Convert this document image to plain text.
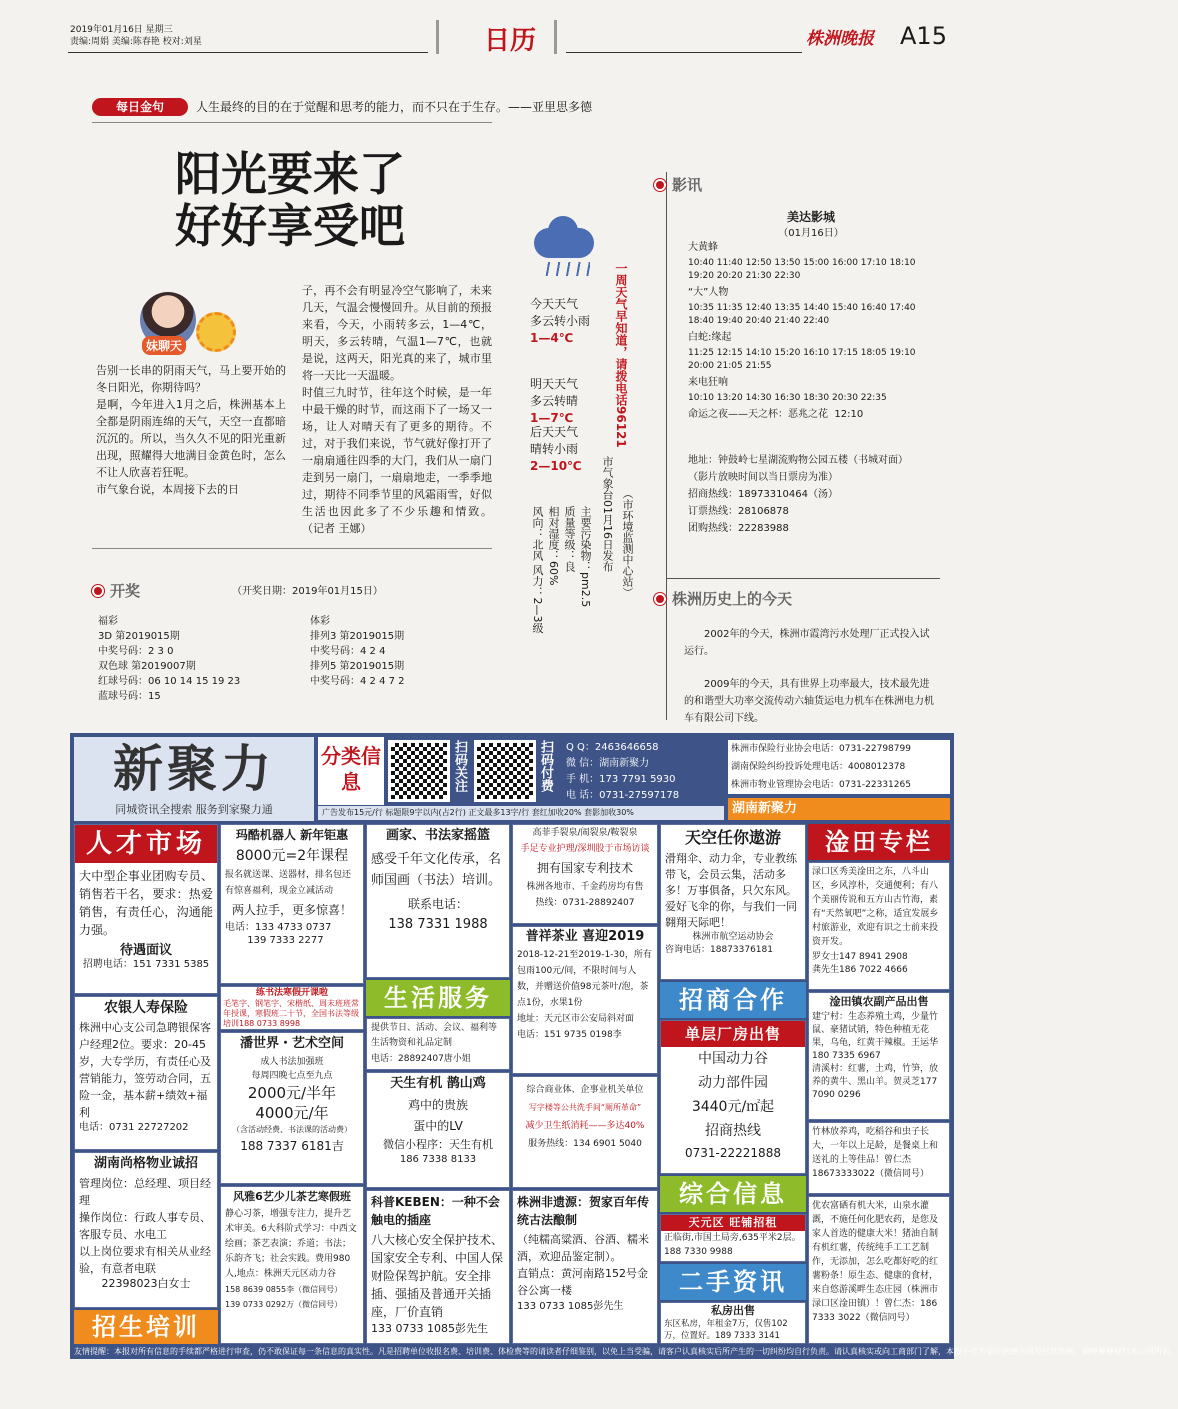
2019年01月16日 星期三
责编:周娟 美编:陈春艳 校对:刘星	日历	株洲晚报 A15
每日金句	人生最终的目的在于觉醒和思考的能力，而不只在于生存。——亚里思多德
阳光要来了
好好享受吧
妹聊天
告别一长串的阴雨天气，马上要开始的冬日阳光，你期待吗？
是啊，今年进入1月之后，株洲基本上全都是阴雨连绵的天气，天空一直都暗沉沉的。所以，当久久不见的阳光重新出现，照耀得大地满目金黄色时，怎么不让人欣喜若狂呢。
市气象台说，本周接下去的日
子，再不会有明显冷空气影响了，未来几天，气温会慢慢回升。从目前的预报来看，今天，小雨转多云，1—4℃，明天，多云转晴，气温1—7℃，也就是说，这两天，阳光真的来了，城市里将一天比一天温暖。
时值三九时节，往年这个时候，是一年中最干燥的时节，而这雨下了一场又一场，让人对晴天有了更多的期待。不过，对于我们来说，节气就好像打开了一扇扇通往四季的大门，我们从一扇门走到另一扇门，一扇扇地走，一季季地过，期待不同季节里的风霜雨雪，好似生活也因此多了不少乐趣和情致。        （记者 王娜）
今天天气
多云转小雨
1—4℃
明天天气
多云转晴
1—7℃
后天天气
晴转小雨
2—10℃
一周天气早知道，请拨电话96121
市气象台01月16日发布 （市环境监测中心站）
主要污染物：pm2.5
质量等级：良
相对湿度：60%
风向：北风 风力：2—3级
影讯
美达影城
（01月16日）
大黄蜂
10:40 11:40 12:50 13:50 15:00 16:00 17:10 18:10 19:20 20:20 21:30 22:30
“大”人物
10:35 11:35 12:40 13:35 14:40 15:40 16:40 17:40 18:40 19:40 20:40 21:40 22:40
白蛇:缘起
11:25 12:15 14:10 15:20 16:10 17:15 18:05 19:10 20:00 21:05 21:55
来电狂响
10:10 13:20 14:30 16:30 18:30 20:30 22:35
命运之夜——天之杯：恶兆之花 12:10
地址：钟鼓岭七星湖流购物公园五楼（书城对面）
（影片放映时间以当日票房为准）
招商热线：18973310464（汤）
订票热线：28106878
团购热线：22283988
株洲历史上的今天
2002年的今天，株洲市霞湾污水处理厂正式投入试运行。
2009年的今天，具有世界上功率最大，技术最先进的和谐型大功率交流传动六轴货运电力机车在株洲电力机车有限公司下线。
开奖	（开奖日期：2019年01月15日）
福彩
3D 第2019015期
中奖号码：2 3 0
双色球 第2019007期
红球号码：06 10 14 15 19 23
蓝球号码：15
体彩
排列3 第2019015期
中奖号码：4 2 4
排列5 第2019015期
中奖号码：4 2 4 7 2
新聚力
同城资讯全搜索 服务到家聚力通
分类信息	扫码关注	扫码付费 Q Q：2463646658
微 信：湖南新聚力
手 机：173 7791 5930
电 话：0731-27597178
广告发布15元/行 标题限9字以内(占2行) 正文最多13字/行 套红加收20% 套影加收30%
株洲市保险行业协会电话：0731-22798799
湖南保险纠纷投诉处理电话：4008012378
株洲市物业管理协会电话：0731-22331265
湖南新聚力
人才市场
大中型企事业团购专员、销售若干名，要求：热爱销售，有责任心，沟通能力强。
待遇面议
招聘电话：151 7331 5385
农银人寿保险
株洲中心支公司急聘银保客户经理2位。要求：20-45岁，大专学历，有责任心及营销能力，签劳动合同，五险一金，基本薪+绩效+福利
电话：0731 22727202
湖南尚格物业诚招
管理岗位：总经理、项目经理
操作岗位：行政人事专员、客服专员、水电工
以上岗位要求有相关从业经验，有意者电联
22398023白女士
招生培训
玛酷机器人 新年钜惠
8000元=2年课程
报名就送课、送器材，排名包还有惊喜福利，现金立减活动
两人拉手，更多惊喜！
电话：133 4733 0737
139 7333 2277
练书法寒假开课啦
毛笔字、钢笔字、宋楷纸、周末班班常年授课，寒假班二十节，全国书法等级培训188 0733 8998
潘世界・艺术空间
成人书法加强班
每周四晚七点至九点
2000元/半年
4000元/年
（含活动经费、书法课的活动费）
188 7337 6181吉
风雅6艺少儿茶艺寒假班
静心习茶，增强专注力，提升艺术审美。6大科阶式学习：中西文绘画；茶艺表演；乔道；书法；乐韵齐飞；社会实践。费用980人,地点：株洲天元区动力谷
158 8639 0855李（微信同号）
139 0733 0292万（微信同号）
画家、书法家摇篮
感受千年文化传承，名师国画（书法）培训。
联系电话：
138 7331 1988
生活服务
提供节日、活动、会议、福利等生活物资和礼品定制
电话：28892407唐小姐
天生有机 鹊山鸡
鸡中的贵族
蛋中的LV
微信小程序：天生有机
186 7338 8133
科普KEBEN：一种不会触电的插座
八大核心安全保护技术、国家安全专利、中国人保财险保驾护航。安全排插、强插及普通开关插座，厂价直销
133 0733 1085彭先生
高菲手裂泉/闹裂泉/鞍裂泉
手足专业护理/深圳股于市场访谈
拥有国家专利技术
株洲各地市、千金药房均有售
热线：0731-28892407
普祥茶业 喜迎2019
2018-12-21至2019-1-30，所有包雨100元/间，不限时间与人数，并赠送价值98元茶叶/泡，茶点1份，水果1份
地址：天元区市公安局斜对面
电话：151 9735 0198李
综合商业体、企事业机关单位
写字楼等公共洗手间“厕所革命”
减少卫生纸消耗——多达40%
服务热线：134 6901 5040
株洲非遗源：贺家百年传统古法酿制
（纯糯高粱酒、谷酒、糯米酒，欢迎品鉴定制）。
直销点：黄河南路152号金谷公寓一楼
133 0733 1085彭先生
天空任你遨游
滑翔伞、动力伞，专业教练带飞，会员云集，活动多多！万事俱备，只欠东风。爱好飞伞的你，与我们一同翱翔天际吧！
株洲市航空运动协会
咨询电话：18873376181
招商合作
单层厂房出售
中国动力谷
动力部件园
3440元/㎡起
招商热线
0731-22221888
综合信息
天元区 旺铺招租
正临街,市国土局旁,635平米2层。188 7330 9988
二手资讯
私房出售
东区私房，年租金7万，仅售102万，位置好。189 7333 3141
淦田专栏
渌口区秀美淦田之东，八斗山区，乡风淳朴，交通便利；有八个美丽传说和五方山古竹海，素有“天然氧吧”之称，适宜发展乡村旅游业，欢迎有识之士前来投资开发。
罗女士147 8941 2908
龚先生186 7022 4666
淦田镇农副产品出售
建宁村：生态养殖土鸡，少量竹鼠、豪猪试销，特色种植无花果，乌龟，红黄干辣椒。王运华180 7335 6967
清溪村：红薯，土鸡，竹笋，放养的黄牛、黑山羊。贺灵芝177 7090 0296
竹林放养鸡，吃稻谷和虫子长大，一年以上足龄，是餐桌上和送礼的上等佳品！曾仁杰18673333022（微信同号）
优农富硒有机大米，山泉水灌溉，不施任何化肥农药，是您及家人首选的健康大米！猪油自制有机红薯，传统纯手工工艺制作，无添加，怎么吃都好吃的红薯粉条！原生态、健康的食材，来自悠游溪畔生态庄园（株洲市渌口区淦田镇）！曾仁杰：186 7333 3022（微信同号）
友情提醒：本报对所有信息的手续都严格进行审查，仍不敢保证每一条信息的真实性。凡是招聘单位收报名费、培训费、体检费等的请读者仔细鉴别，以免上当受骗，请客户认真核实后所产生的一切纠纷均自行负责。请认真核实或向工商部门了解，本报不作为鉴定法律合同及付款依据，最终解释权归本公司所有。
